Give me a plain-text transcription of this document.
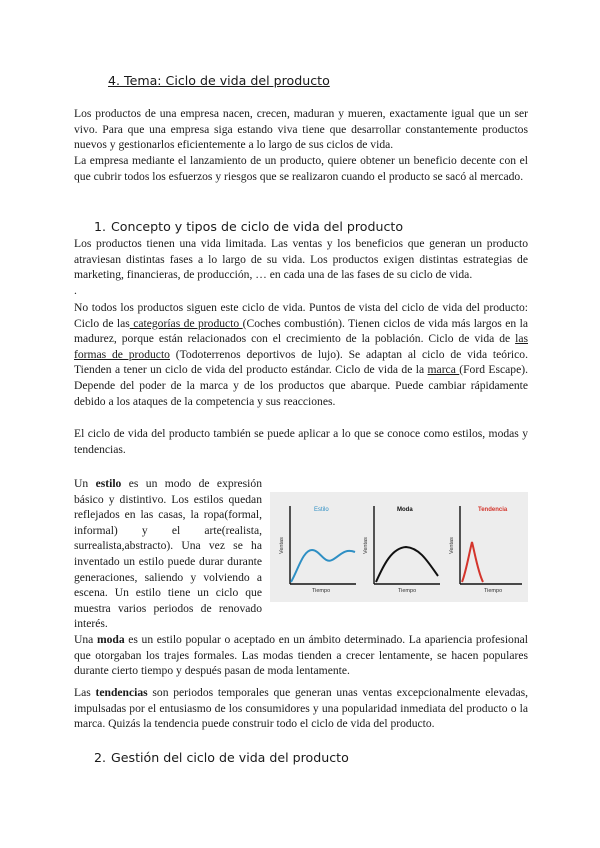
4. Tema: Ciclo de vida del producto

Los productos de una empresa nacen, crecen, maduran y mueren, exactamente igual que un ser vivo. Para que una empresa siga estando viva tiene que desarrollar constantemente productos nuevos y gestionarlos eficientemente a lo largo de sus ciclos de vida.

La empresa mediante el lanzamiento de un producto, quiere obtener un beneficio decente con el que cubrir todos los esfuerzos y riesgos que se realizaron cuando el producto se sacó al mercado.

1. Concepto y tipos de ciclo de vida del producto

Los productos tienen una vida limitada. Las ventas y los beneficios que generan un producto atraviesan distintas fases a lo largo de su vida. Los productos exigen distintas estrategias de marketing, financieras, de producción, … en cada una de las fases de su ciclo de vida.

.

No todos los productos siguen este ciclo de vida. Puntos de vista del ciclo de vida del producto: Ciclo de las categorías de producto (Coches combustión). Tienen ciclos de vida más largos en la madurez, porque están relacionados con el crecimiento de la población. Ciclo de vida de las formas de producto (Todoterrenos deportivos de lujo). Se adaptan al ciclo de vida teórico. Tienden a tener un ciclo de vida del producto estándar. Ciclo de vida de la marca (Ford Escape). Depende del poder de la marca y de los productos que abarque. Puede cambiar rápidamente debido a los ataques de la competencia y sus reacciones.

El ciclo de vida del producto también se puede aplicar a lo que se conoce como estilos, modas y tendencias.

Un estilo es un modo de expresión básico y distintivo. Los estilos quedan reflejados en las casas, la ropa(formal, informal) y el arte(realista, surrealista,abstracto). Una vez se ha inventado un estilo puede durar durante generaciones, saliendo y volviendo a escena. Un estilo tiene un ciclo que muestra varios periodos de renovado interés.

Estilo
Tiempo
Ventas
Moda
Tiempo
Ventas
Tendencia
Tiempo
Ventas

Una moda es un estilo popular o aceptado en un ámbito determinado. La apariencia profesional que otorgaban los trajes formales. Las modas tienden a crecer lentamente, se hacen populares durante cierto tiempo y después pasan de moda lentamente.

Las tendencias son periodos temporales que generan unas ventas excepcionalmente elevadas, impulsadas por el entusiasmo de los consumidores y una popularidad inmediata del producto o la marca. Quizás la tendencia puede construir todo el ciclo de vida del producto.

2. Gestión del ciclo de vida del producto
